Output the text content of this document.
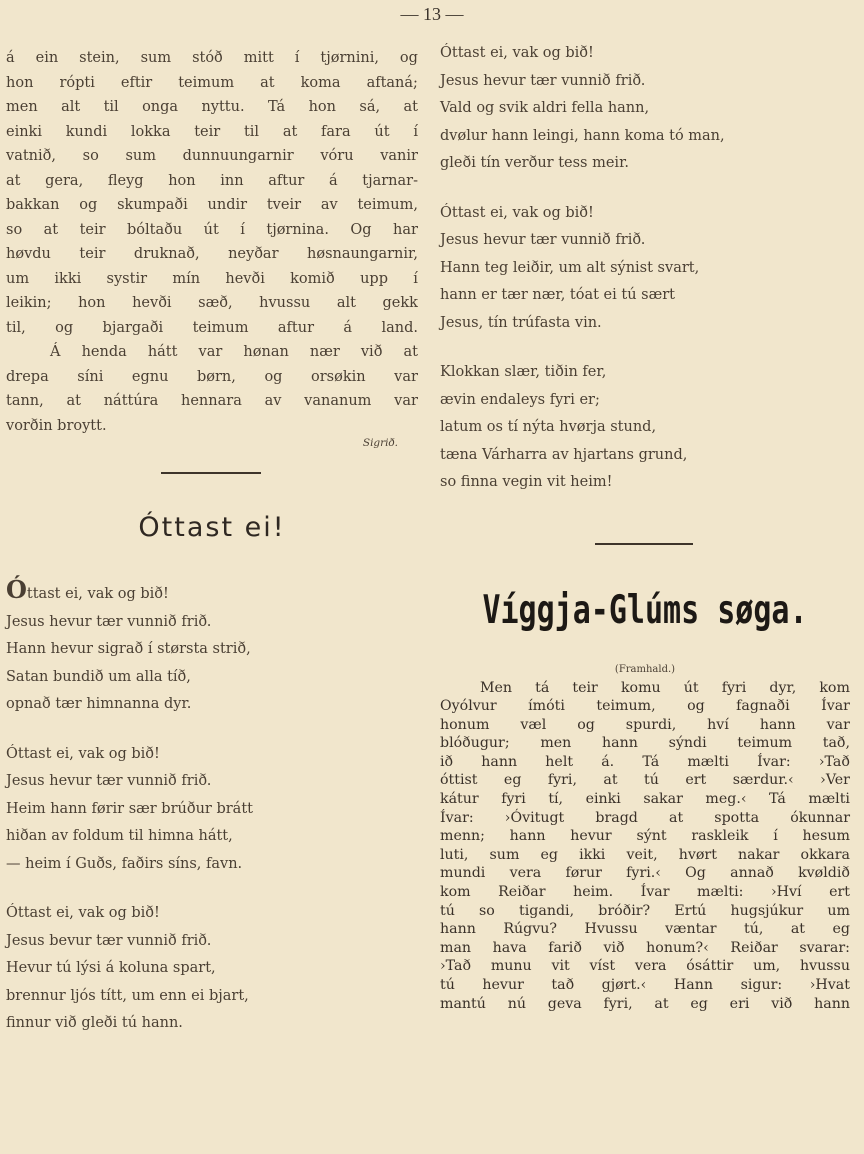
— 13 —
á ein stein, sum stóð mitt í tjørnini, og
hon rópti eftir teimum at koma aftaná;
men alt til onga nyttu. Tá hon sá, at
einki kundi lokka teir til at fara út í
vatnið, so sum dunnuungarnir vóru vanir
at gera, fleyg hon inn aftur á tjarnar-
bakkan og skumpaði undir tveir av teimum,
so at teir bóltaðu út í tjørnina. Og har
høvdu teir druknað, neyðar høsnaungarnir,
um ikki systir mín hevði komið upp í
leikin; hon hevði sæð, hvussu alt gekk
til, og bjargaði teimum aftur á land.
Á henda hátt var hønan nær við at
drepa síni egnu børn, og orsøkin var
tann, at náttúra hennara av vananum var
vorðin broytt.
Sigrið.
Óttast ei!
Óttast ei, vak og bið!
Jesus hevur tær vunnið frið.
Hann hevur sigrað í størsta strið,
Satan bundið um alla tíð,
opnað tær himnanna dyr.
Óttast ei, vak og bið!
Jesus hevur tær vunnið frið.
Heim hann førir sær brúður brátt
hiðan av foldum til himna hátt,
— heim í Guðs, faðirs síns, favn.
Óttast ei, vak og bið!
Jesus bevur tær vunnið frið.
Hevur tú lýsi á koluna spart,
brennur ljós títt, um enn ei bjart,
finnur við gleði tú hann.
Óttast ei, vak og bið!
Jesus hevur tær vunnið frið.
Vald og svik aldri fella hann,
dvølur hann leingi, hann koma tó man,
gleði tín verður tess meir.
Óttast ei, vak og bið!
Jesus hevur tær vunnið frið.
Hann teg leiðir, um alt sýnist svart,
hann er tær nær, tóat ei tú sært
Jesus, tín trúfasta vin.
Klokkan slær, tiðin fer,
ævin endaleys fyri er;
latum os tí nýta hvørja stund,
tæna Várharra av hjartans grund,
so finna vegin vit heim!
Víggja-Glúms søga.
(Framhald.)
Men tá teir komu út fyri dyr, kom
Oyólvur ímóti teimum, og fagnaði Ívar
honum væl og spurdi, hví hann var
blóðugur; men hann sýndi teimum tað,
ið hann helt á. Tá mælti Ívar: ›Tað
óttist eg fyri, at tú ert særdur.‹ ›Ver
kátur fyri tí, einki sakar meg.‹ Tá mælti
Ívar: ›Óvitugt bragd at spotta ókunnar
menn; hann hevur sýnt raskleik í hesum
luti, sum eg ikki veit, hvørt nakar okkara
mundi vera førur fyri.‹ Og annað kvøldið
kom Reiðar heim. Ívar mælti: ›Hví ert
tú so tigandi, bróðir? Ertú hugsjúkur um
hann Rúgvu? Hvussu væntar tú, at eg
man hava farið við honum?‹ Reiðar svarar:
›Tað munu vit víst vera ósáttir um, hvussu
tú hevur tað gjørt.‹ Hann sigur: ›Hvat
mantú nú geva fyri, at eg eri við hann
